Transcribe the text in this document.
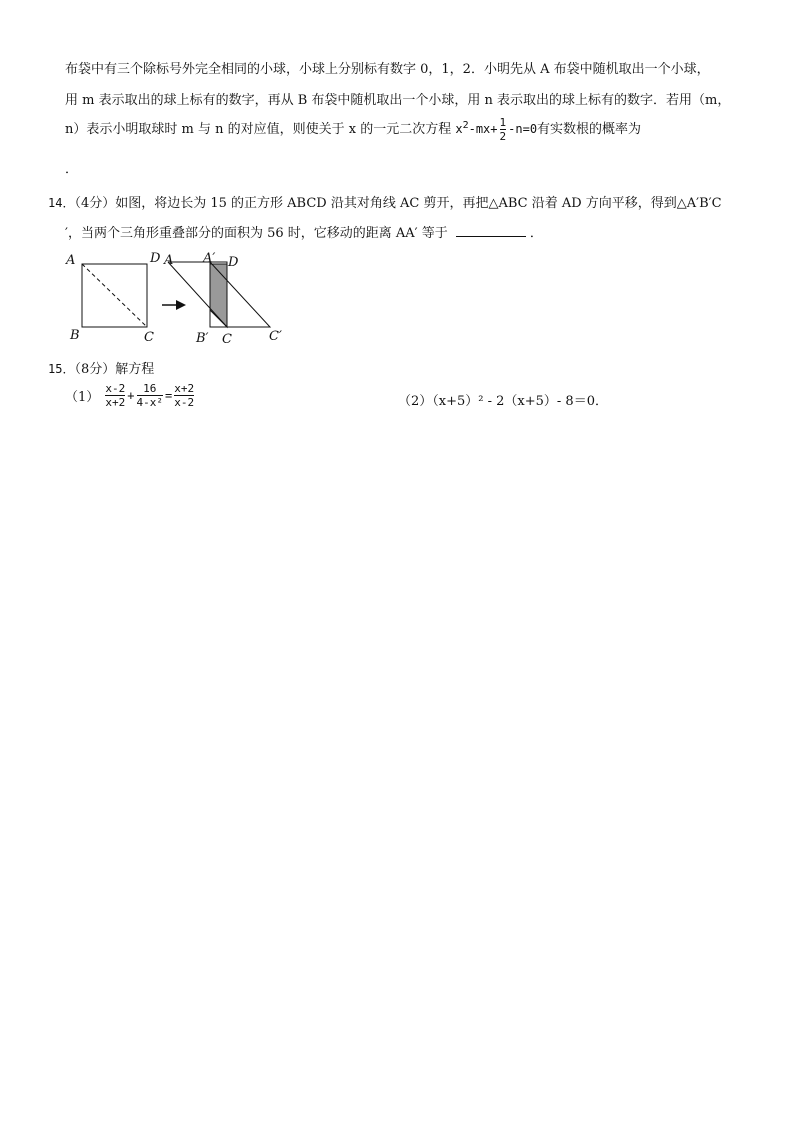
布袋中有三个除标号外完全相同的小球，小球上分别标有数字 0，1，2．小明先从 A 布袋中随机取出一个小球，
用 m 表示取出的球上标有的数字，再从 B 布袋中随机取出一个小球，用 n 表示取出的球上标有的数字．若用（m，
n）表示小明取球时 m 与 n 的对应值，则使关于 x 的一元二次方程 $x^2-mx+ \frac{1}{2} -n=0$有实数根的概率为
．
14．（4分）如图，将边长为 15 的正方形 ABCD 沿其对角线 AC 剪开，再把△ABC 沿着 AD 方向平移，得到△A′B′C
′，当两个三角形重叠部分的面积为 56 时，它移动的距离 AA′ 等于	．
A	D
B	C
A A′ D
B′ C	C′
15．（8分）解方程
$(1) \frac{x-2}{x+2} + \frac{16}{\text{4-x²}} = \frac{x+2}{x-2}$	（2）（x+5）² - 2（x+5）- 8＝0．
